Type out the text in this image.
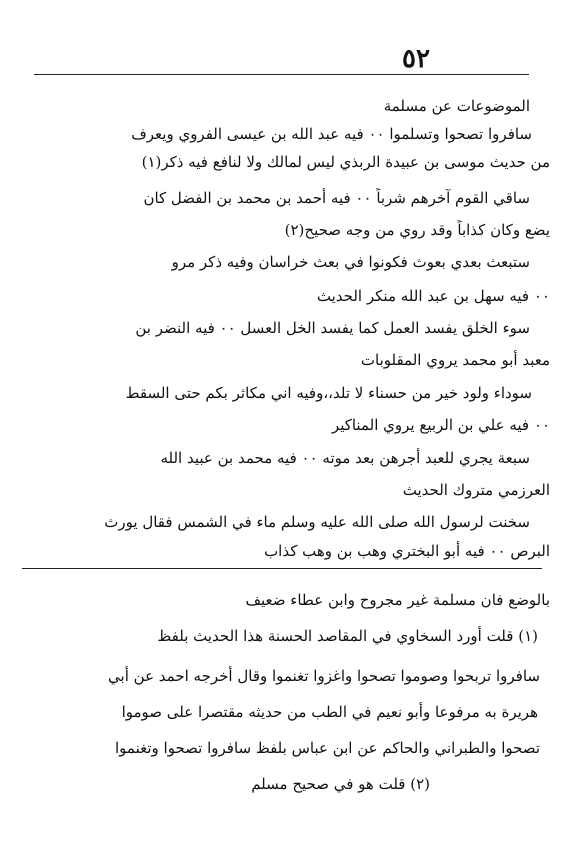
٥٢
الموضوعات عن مسلمة
سافروا تصحوا وتسلموا ٠٠ فيه عبد الله بن عيسى الفروي ويعرف
من حديث موسى بن عبيدة الربذي ليس لمالك ولا لنافع فيه ذكر(١)
ساقي القوم آخرهم شرباً ٠٠ فيه أحمد بن محمد بن الفضل كان
يضع وكان كذاباً وقد روي من وجه صحيح(٢)
ستبعث بعدي بعوث فكونوا في بعث خراسان وفيه ذكر مرو
٠٠ فيه سهل بن عبد الله منكر الحديث
سوء الخلق يفسد العمل كما يفسد الخل العسل ٠٠ فيه النضر بن
معبد أبو محمد يروي المقلوبات
سوداء ولود خير من حسناء لا تلد،،وفيه اني مكاثر بكم حتى السقط
٠٠ فيه علي بن الربيع يروي المناكير
سبعة يجري للعبد أجرهن بعد موته ٠٠ فيه محمد بن عبيد الله
العرزمي متروك الحديث
سخنت لرسول الله صلى الله عليه وسلم ماء في الشمس فقال يورث
البرص ٠٠ فيه أبو البختري وهب بن وهب كذاب
بالوضع فان مسلمة غير مجروح وابن عطاء ضعيف
(١) قلت أورد السخاوي في المقاصد الحسنة هذا الحديث بلفظ
سافروا تربحوا وصوموا تصحوا واغزوا تغنموا وقال أخرجه احمد عن أبي
هريرة به مرفوعا وأبو نعيم في الطب من حديثه مقتصرا على صوموا
تصحوا والطبراني والحاكم عن ابن عباس بلفظ سافروا تصحوا وتغنموا
(٢) قلت هو في صحيح مسلم
